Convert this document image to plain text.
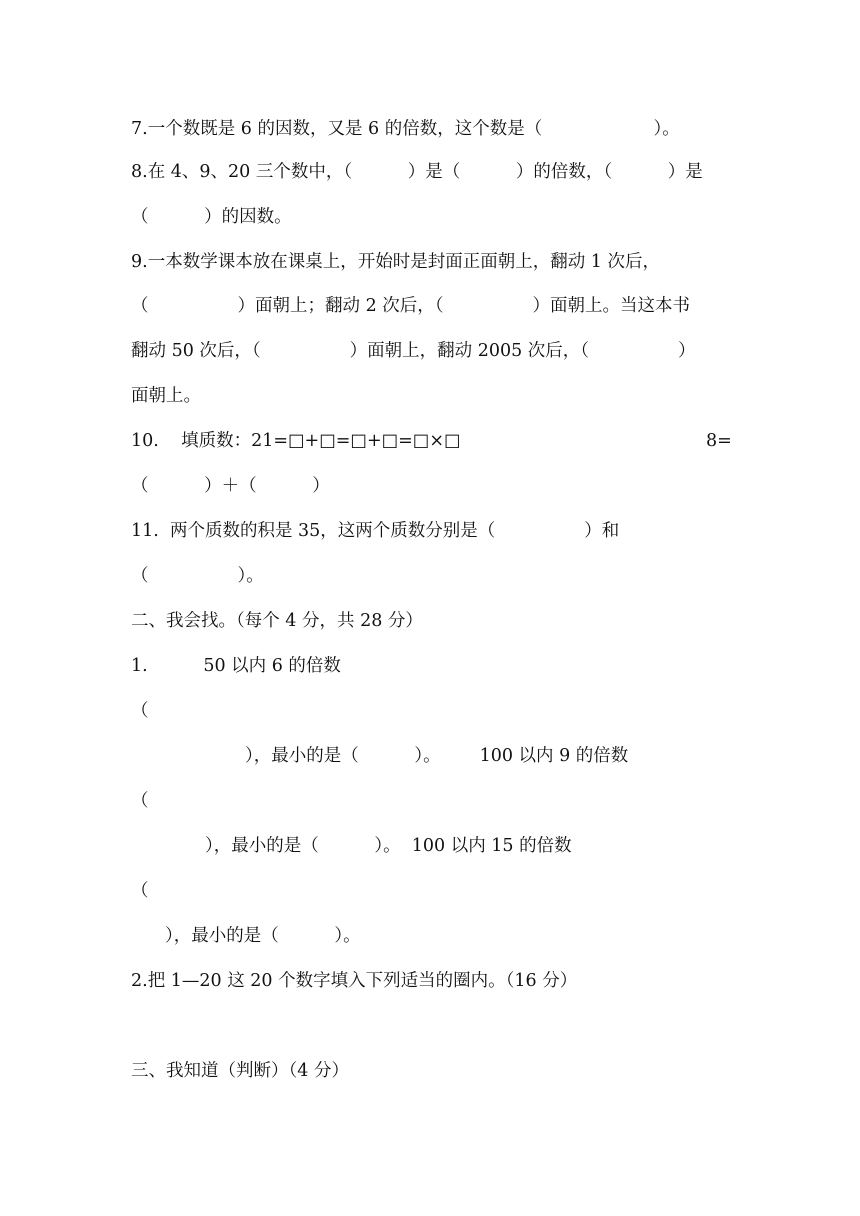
7.一个数既是 6 的因数，又是 6 的倍数，这个数是（                    ）。
8.在 4、9、20 三个数中，（          ）是（          ）的倍数，（          ）是
（          ）的因数。
9.一本数学课本放在课桌上，开始时是封面正面朝上，翻动 1 次后，
（                ）面朝上；翻动 2 次后，（                ）面朝上。当这本书
翻动 50 次后，（                ）面朝上，翻动 2005 次后，（                ）
面朝上。
10.    填质数：21=□+□=□+□=□×□	8=
（          ）＋（          ）
11.  两个质数的积是 35，这两个质数分别是（                ）和
（                ）。
二、我会找。（每个 4 分，共 28 分）
1.          50 以内 6 的倍数
（
），最小的是（          ）。       100 以内 9 的倍数
（
），最小的是（          ）。  100 以内 15 的倍数
（
），最小的是（          ）。
2.把 1—20 这 20 个数字填入下列适当的圈内。（16 分）
三、我知道（判断）（4 分）
